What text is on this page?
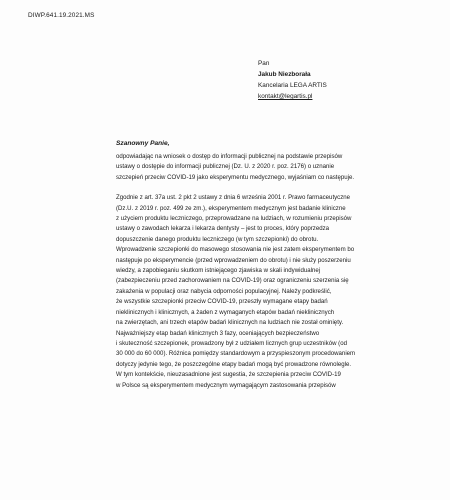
DIWP.641.19.2021.MS
Pan
Jakub Niezborała
Kancelaria LEGA ARTIS
kontakt@legartis.pl
Szanowny Panie,
odpowiadając na wniosek o dostęp do informacji publicznej na podstawie przepisów
ustawy o dostępie do informacji publicznej (Dz. U. z 2020 r. poz. 2176) o uznanie
szczepień przeciw COVID-19 jako eksperymentu medycznego, wyjaśniam co następuje.
Zgodnie z art. 37a ust. 2 pkt 2 ustawy z dnia 6 września 2001 r. Prawo farmaceutyczne
(Dz.U. z 2019 r. poz. 499 ze zm.), eksperymentem medycznym jest badanie kliniczne
z użyciem produktu leczniczego, przeprowadzane na ludziach, w rozumieniu przepisów
ustawy o zawodach lekarza i lekarza dentysty – jest to proces, który poprzedza
dopuszczenie danego produktu leczniczego (w tym szczepionki) do obrotu.
Wprowadzenie szczepionki do masowego stosowania nie jest zatem eksperymentem bo
następuje po eksperymencie (przed wprowadzeniem do obrotu) i nie służy poszerzeniu
wiedzy, a zapobieganiu skutkom istniejącego zjawiska w skali indywidualnej
(zabezpieczeniu przed zachorowaniem na COVID-19) oraz ograniczeniu szerzenia się
zakażenia w populacji oraz nabycia odporności populacyjnej. Należy podkreślić,
że wszystkie szczepionki przeciw COVID-19, przeszły wymagane etapy badań
nieklinicznych i klinicznych, a żaden z wymaganych etapów badań nieklinicznych
na zwierzętach, ani trzech etapów badań klinicznych na ludziach nie został ominięty.
Najważniejszy etap badań klinicznych 3 fazy, oceniających bezpieczeństwo
i skuteczność szczepionek, prowadzony był z udziałem licznych grup uczestników (od
30 000 do 60 000). Różnica pomiędzy standardowym a przyspieszonym procedowaniem
dotyczy jedynie tego, że poszczególne etapy badań mogą być prowadzone równolegle.
W tym kontekście, nieuzasadnione jest sugestia, że szczepienia przeciw COVID-19
w Polsce są eksperymentem medycznym wymagającym zastosowania przepisów
